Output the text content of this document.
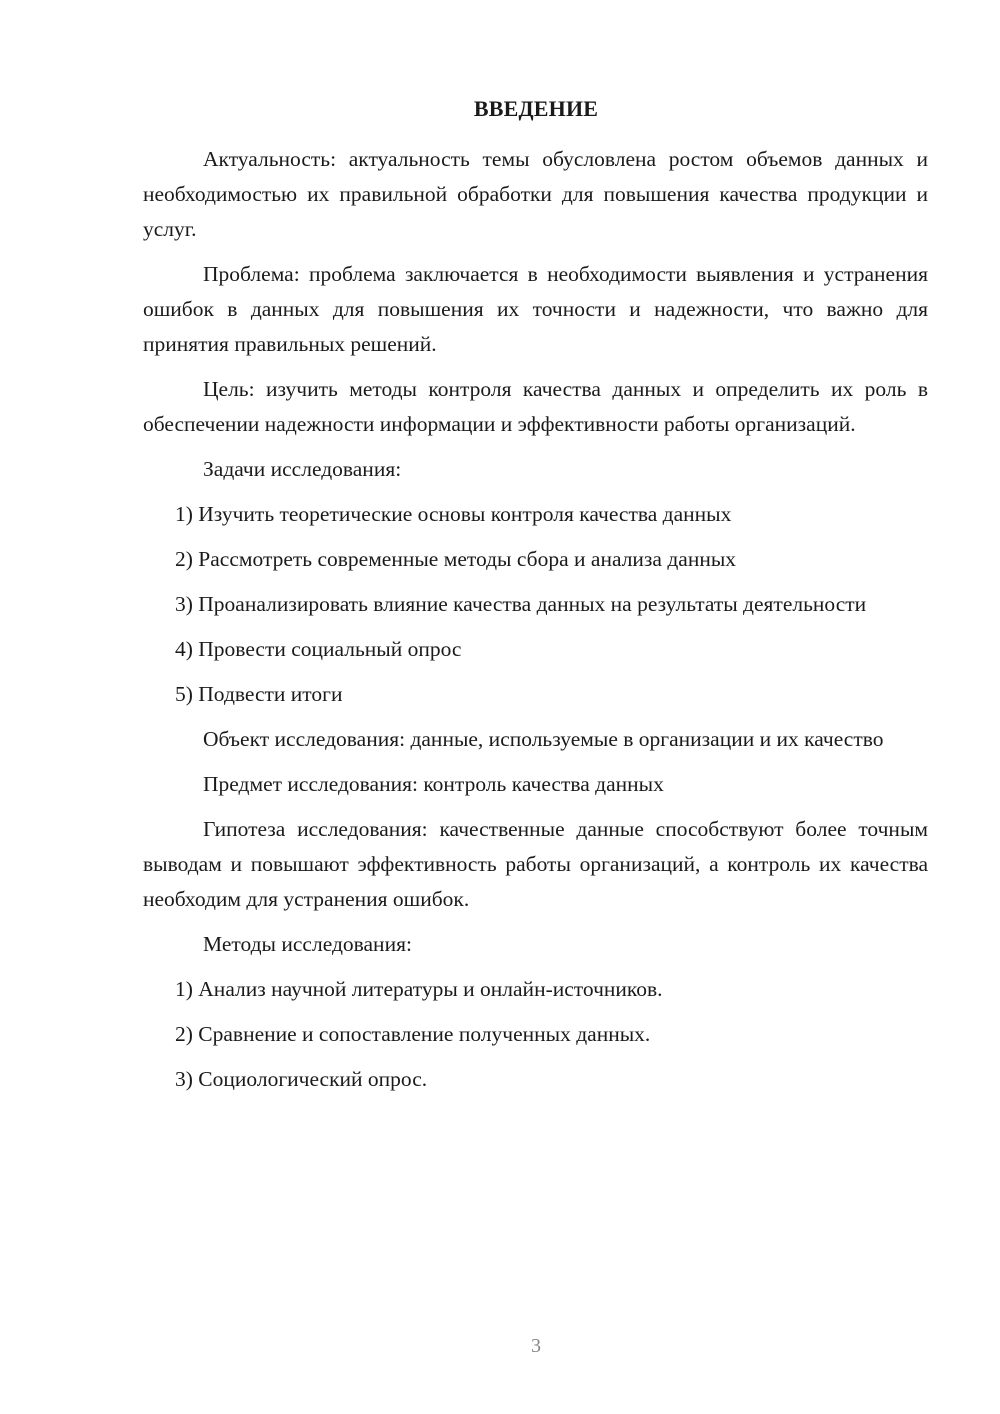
ВВЕДЕНИЕ

Актуальность: актуальность темы обусловлена ростом объемов данных и необходимостью их правильной обработки для повышения качества продукции и услуг.

Проблема: проблема заключается в необходимости выявления и устранения ошибок в данных для повышения их точности и надежности, что важно для принятия правильных решений.

Цель: изучить методы контроля качества данных и определить их роль в обеспечении надежности информации и эффективности работы организаций.

Задачи исследования:

1) Изучить теоретические основы контроля качества данных

2) Рассмотреть современные методы сбора и анализа данных

3) Проанализировать влияние качества данных на результаты деятельности

4) Провести социальный опрос

5) Подвести итоги

Объект исследования: данные, используемые в организации и их качество

Предмет исследования: контроль качества данных

Гипотеза исследования: качественные данные способствуют более точным выводам и повышают эффективность работы организаций, а контроль их качества необходим для устранения ошибок.

Методы исследования:

1) Анализ научной литературы и онлайн-источников.

2) Сравнение и сопоставление полученных данных.

3) Социологический опрос.

3
